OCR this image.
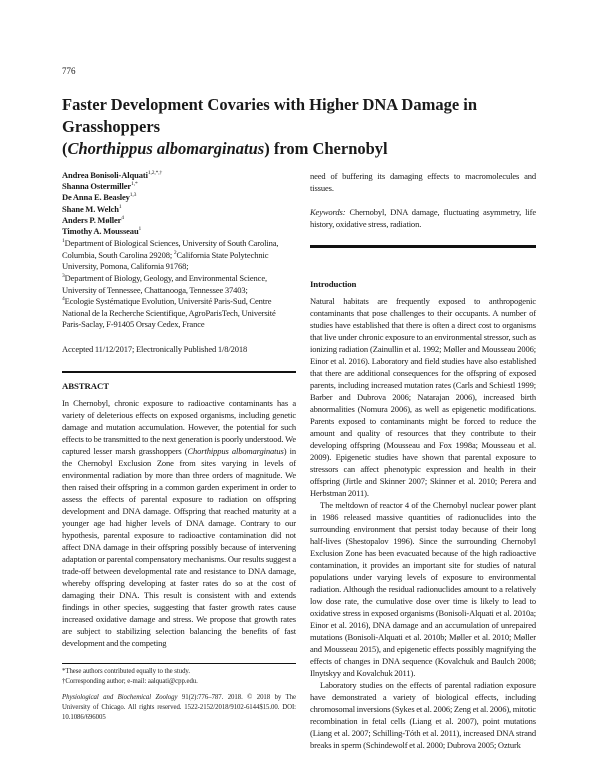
776
Faster Development Covaries with Higher DNA Damage in Grasshoppers
(Chorthippus albomarginatus) from Chernobyl
Andrea Bonisoli-Alquati$^{1,2,*,\dagger}$
Shanna Ostermiller$^{1,*}$
De Anna E. Beasley$^{1,3}$
Shane M. Welch$^1$
Anders P. Møller$^4$
Timothy A. Mousseau$^1$
$^1$Department of Biological Sciences, University of South Carolina, Columbia, South Carolina 29208; $^2$California State Polytechnic University, Pomona, California 91768;
$^3$Department of Biology, Geology, and Environmental Science, University of Tennessee, Chattanooga, Tennessee 37403;
$^4$Ecologie Systématique Evolution, Université Paris-Sud, Centre National de la Recherche Scientifique, AgroParisTech, Université Paris-Saclay, F-91405 Orsay Cedex, France
Accepted 11/12/2017; Electronically Published 1/8/2018
ABSTRACT

In Chernobyl, chronic exposure to radioactive contaminants has a variety of deleterious effects on exposed organisms, including genetic damage and mutation accumulation. However, the potential for such effects to be transmitted to the next generation is poorly understood. We captured lesser marsh grasshoppers (Chorthippus albomarginatus) in the Chernobyl Exclusion Zone from sites varying in levels of environmental radiation by more than three orders of magnitude. We then raised their offspring in a common garden experiment in order to assess the effects of parental exposure to radiation on offspring development and DNA damage. Offspring that reached maturity at a younger age had higher levels of DNA damage. Contrary to our hypothesis, parental exposure to radioactive contamination did not affect DNA damage in their offspring possibly because of intervening adaptation or parental compensatory mechanisms. Our results suggest a trade-off between developmental rate and resistance to DNA damage, whereby offspring developing at faster rates do so at the cost of damaging their DNA. This result is consistent with and extends findings in other species, suggesting that faster growth rates cause increased oxidative damage and stress. We propose that growth rates are subject to stabilizing selection balancing the benefits of fast development and the competing

*These authors contributed equally to the study.
†Corresponding author; e-mail: aalquati@cpp.edu.
Physiological and Biochemical Zoology 91(2):776–787. 2018. © 2018 by The University of Chicago. All rights reserved. 1522-2152/2018/9102-6144$15.00. DOI: 10.1086/696005
need of buffering its damaging effects to macromolecules and tissues.
Keywords: Chernobyl, DNA damage, fluctuating asymmetry, life history, oxidative stress, radiation.
Introduction

Natural habitats are frequently exposed to anthropogenic contaminants that pose challenges to their occupants. A number of studies have established that there is often a direct cost to organisms that live under chronic exposure to an environmental stressor, such as ionizing radiation (Zainullin et al. 1992; Møller and Mousseau 2006; Einor et al. 2016). Laboratory and field studies have also established that there are additional consequences for the offspring of exposed parents, including increased mutation rates (Carls and Schiestl 1999; Barber and Dubrova 2006; Natarajan 2006), increased birth abnormalities (Nomura 2006), as well as epigenetic modifications. Parents exposed to contaminants might be forced to reduce the amount and quality of resources that they contribute to their developing offspring (Mousseau and Fox 1998a; Mousseau et al. 2009). Epigenetic studies have shown that parental exposure to stressors can affect phenotypic expression and health in their offspring (Jirtle and Skinner 2007; Skinner et al. 2010; Perera and Herbstman 2011).

The meltdown of reactor 4 of the Chernobyl nuclear power plant in 1986 released massive quantities of radionuclides into the surrounding environment that persist today because of their long half-lives (Shestopalov 1996). Since the surrounding Chernobyl Exclusion Zone has been evacuated because of the high radioactive contamination, it provides an important site for studies of natural populations under varying levels of exposure to environmental radiation. Although the residual radionuclides amount to a relatively low dose rate, the cumulative dose over time is likely to lead to oxidative stress in exposed organisms (Bonisoli-Alquati et al. 2010a; Einor et al. 2016), DNA damage and an accumulation of unrepaired mutations (Bonisoli-Alquati et al. 2010b; Møller et al. 2010; Møller and Mousseau 2015), and epigenetic effects possibly magnifying the effects of changes in DNA sequence (Kovalchuk and Baulch 2008; Ilnytskyy and Kovalchuk 2011).

Laboratory studies on the effects of parental radiation exposure have demonstrated a variety of biological effects, including chromosomal inversions (Sykes et al. 2006; Zeng et al. 2006), mitotic recombination in fetal cells (Liang et al. 2007), point mutations (Liang et al. 2007; Schilling-Tóth et al. 2011), increased DNA strand breaks in sperm (Schindewolf et al. 2000; Dubrova 2005; Ozturk
